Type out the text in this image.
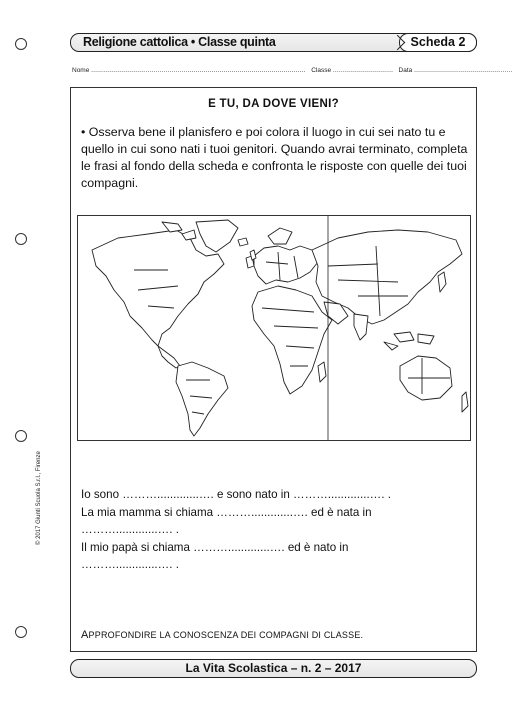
Religione cattolica • Classe quinta	Scheda 2
Nome ........................................................................................................... Classe .............................. Data .................................................
E TU, DA DOVE VIENI?
• Osserva bene il planisfero e poi colora il luogo in cui sei nato tu e quello in cui sono nati i tuoi genitori. Quando avrai terminato, completa le frasi al fondo della scheda e confronta le risposte con quelle dei tuoi compagni.
Io sono ……….............…. e sono nato in ……….............…. .
La mia mamma si chiama ……….............…. ed è nata in
……….............…. .
Il mio papà si chiama ……….............…. ed è nato in
……….............…. .
APPROFONDIRE LA CONOSCENZA DEI COMPAGNI DI CLASSE.
© 2017 Giunti Scuola S.r.l., Firenze
La Vita Scolastica – n. 2 – 2017
